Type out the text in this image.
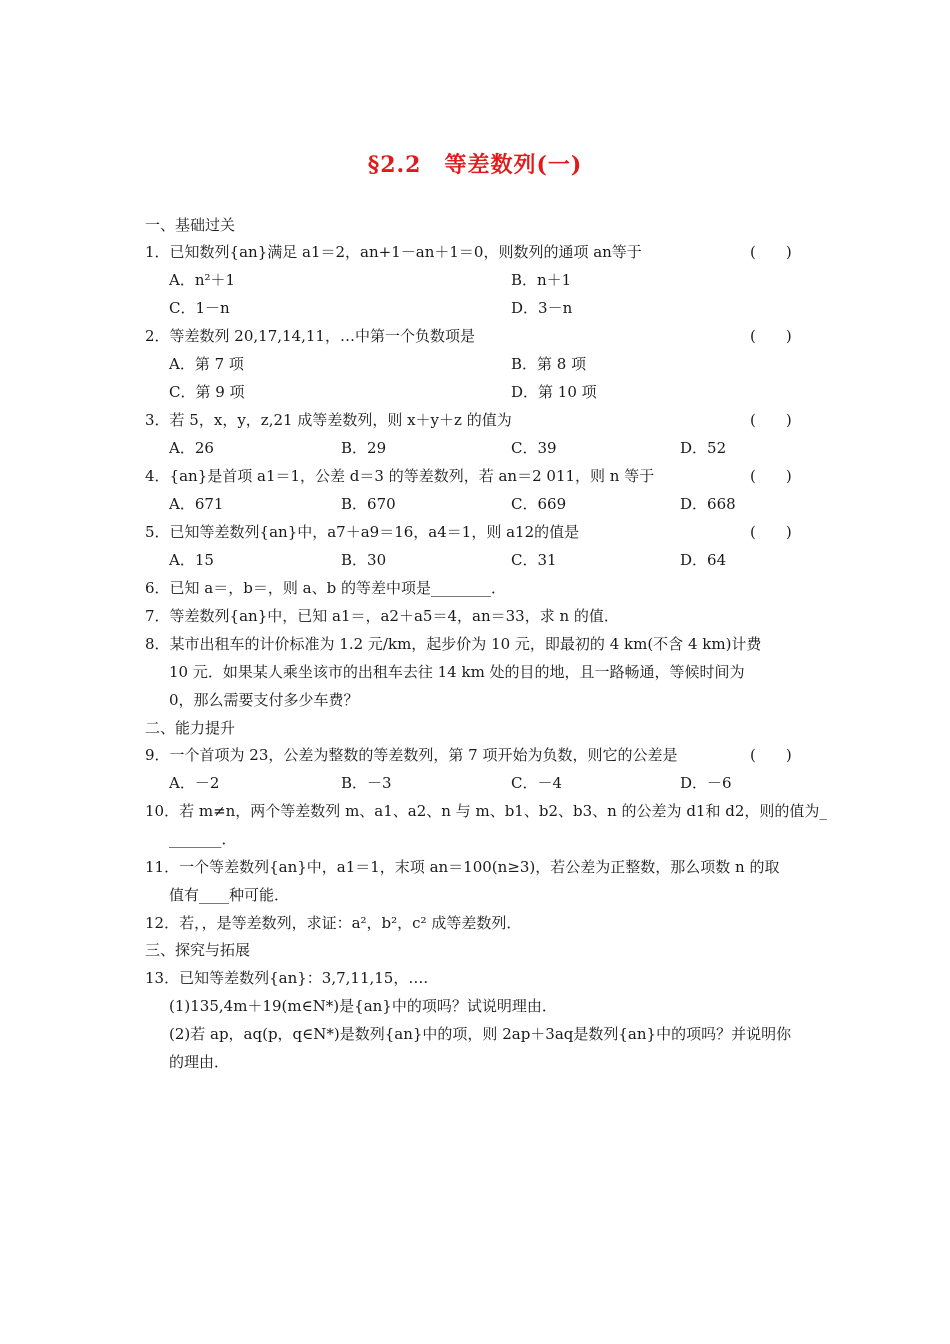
§2.2　等差数列(一)
一、基础过关
1．已知数列{an}满足 a1＝2，an+1－an＋1＝0，则数列的通项 an等于	(　　)
A．n²＋1	B．n＋1
C．1－n	D．3－n
2．等差数列 20,17,14,11，…中第一个负数项是	(　　)
A．第 7 项	B．第 8 项
C．第 9 项	D．第 10 项
3．若 5，x，y，z,21 成等差数列，则 x＋y＋z 的值为	(　　)
A．26	B．29	C．39	D．52
4．{an}是首项 a1＝1，公差 d＝3 的等差数列，若 an＝2 011，则 n 等于	(　　)
A．671	B．670	C．669	D．668
5．已知等差数列{an}中，a7＋a9＝16，a4＝1，则 a12的值是	(　　)
A．15	B．30	C．31	D．64
6．已知 a＝，b＝，则 a、b 的等差中项是________．
7．等差数列{an}中，已知 a1＝，a2＋a5＝4，an＝33，求 n 的值．
8．某市出租车的计价标准为 1.2 元/km，起步价为 10 元，即最初的 4 km(不含 4 km)计费
10 元．如果某人乘坐该市的出租车去往 14 km 处的目的地，且一路畅通，等候时间为
0，那么需要支付多少车费？
二、能力提升
9．一个首项为 23，公差为整数的等差数列，第 7 项开始为负数，则它的公差是	(　　)
A．－2	B．－3	C．－4	D．－6
10．若 m≠n，两个等差数列 m、a1、a2、n 与 m、b1、b2、b3、n 的公差为 d1和 d2，则的值为_
_______．
11．一个等差数列{an}中，a1＝1，末项 an＝100(n≥3)，若公差为正整数，那么项数 n 的取
值有____种可能．
12．若，，是等差数列，求证：a²，b²，c² 成等差数列．
三、探究与拓展
13．已知等差数列{an}：3,7,11,15，….
(1)135,4m＋19(m∈N*)是{an}中的项吗？试说明理由．
(2)若 ap，aq(p，q∈N*)是数列{an}中的项，则 2ap＋3aq是数列{an}中的项吗？并说明你
的理由．
